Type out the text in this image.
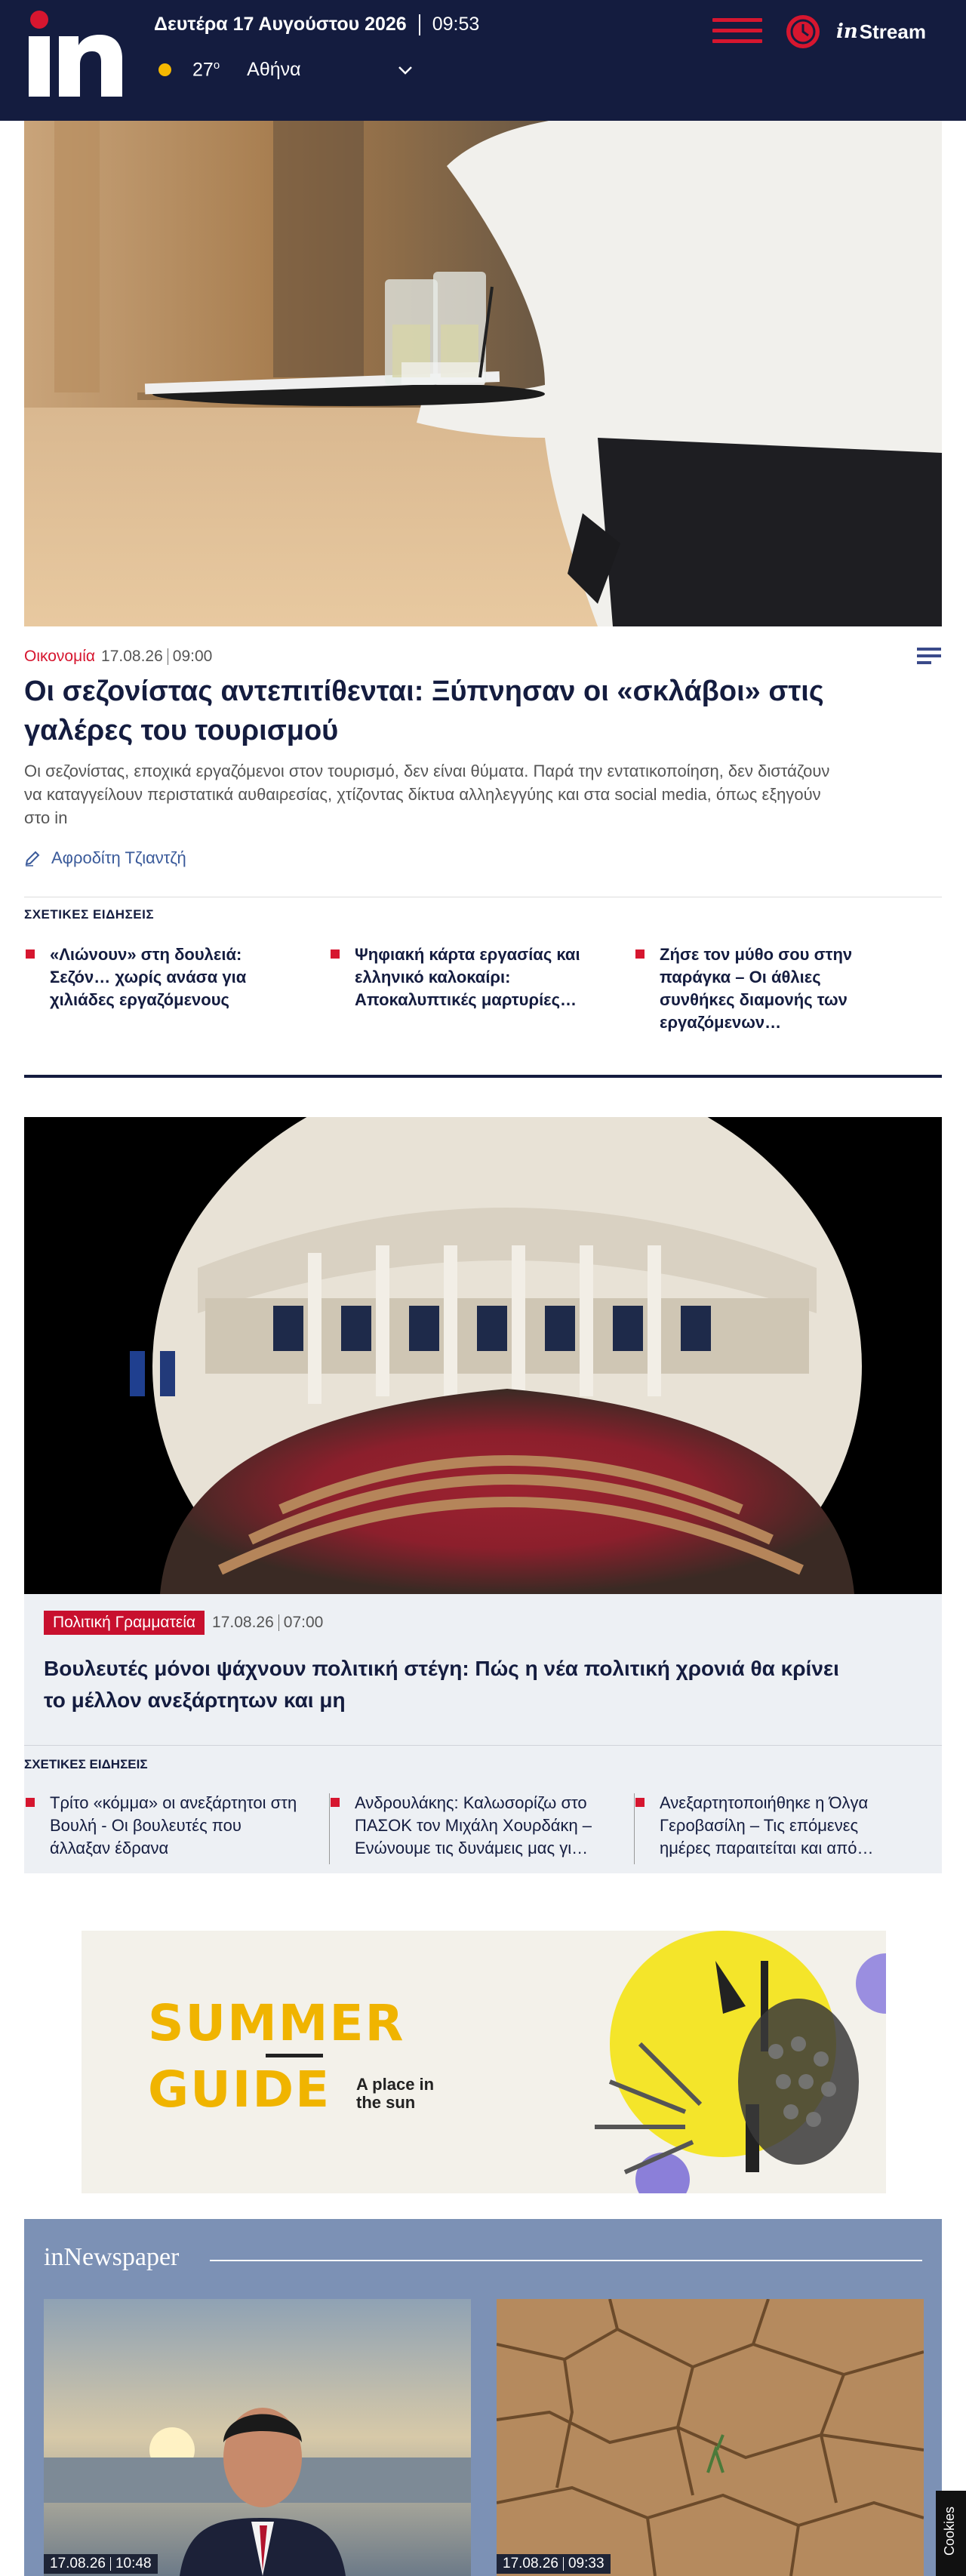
Δευτέρα 17 Αυγούστου 2026 09:53
27$^o$ Αθήνα
in Stream
Οικονομία 17.08.26 09:00
Οι σεζονίστας αντεπιτίθενται: Ξύπνησαν οι «σκλάβοι» στις γαλέρες του τουρισμού
Οι σεζονίστας, εποχικά εργαζόμενοι στον τουρισμό, δεν είναι θύματα. Παρά την εντατικοποίηση, δεν διστάζουν να καταγγείλουν περιστατικά αυθαιρεσίας, χτίζοντας δίκτυα αλληλεγγύης και στα social media, όπως εξηγούν στο in
Αφροδίτη Τζιαντζή
ΣΧΕΤΙΚΕΣ ΕΙΔΗΣΕΙΣ
«Λιώνουν» στη δουλειά: Σεζόν… χωρίς ανάσα για χιλιάδες εργαζόμενους
Ψηφιακή κάρτα εργασίας και ελληνικό καλοκαίρι: Αποκαλυπτικές μαρτυρίες…
Ζήσε τον μύθο σου στην παράγκα – Οι άθλιες συνθήκες διαμονής των εργαζόμενων…
Πολιτική Γραμματεία	17.08.26 07:00
Βουλευτές μόνοι ψάχνουν πολιτική στέγη: Πώς η νέα πολιτική χρονιά θα κρίνει το μέλλον ανεξάρτητων και μη
ΣΧΕΤΙΚΕΣ ΕΙΔΗΣΕΙΣ
Τρίτο «κόμμα» οι ανεξάρτητοι στη Βουλή - Οι βουλευτές που άλλαξαν έδρανα
Ανδρουλάκης: Καλωσορίζω στο ΠΑΣΟΚ τον Μιχάλη Χουρδάκη – Ενώνουμε τις δυνάμεις μας γι…
Ανεξαρτητοποιήθηκε η Όλγα Γεροβασίλη – Τις επόμενες ημέρες παραιτείται και από…
SUMMER
GUIDE A place in the sun
inNewspaper
17.08.26 10:48	17.08.26 09:33
Cookies
